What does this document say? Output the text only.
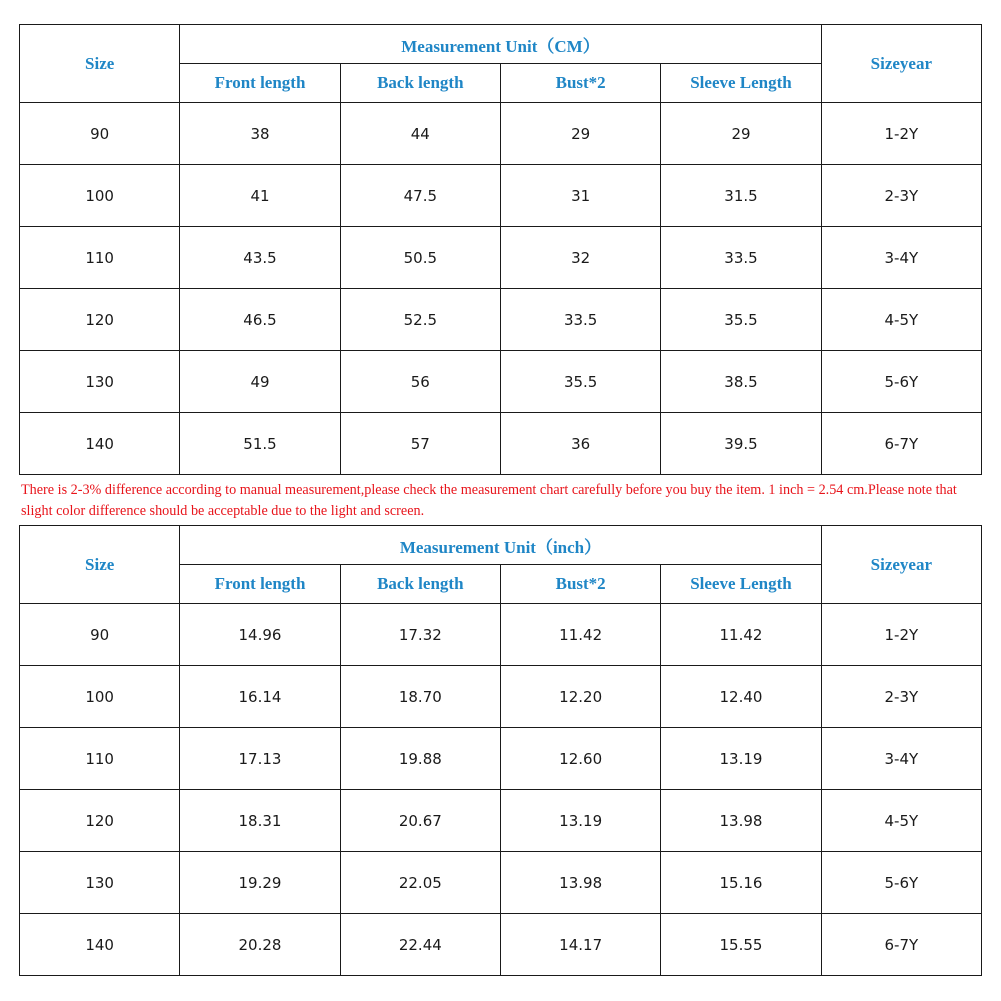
Size	Measurement Unit（CM）				Sizeyear
	Front length	Back length	Bust*2	Sleeve Length	
90	38	44	29	29	1-2Y
100	41	47.5	31	31.5	2-3Y
110	43.5	50.5	32	33.5	3-4Y
120	46.5	52.5	33.5	35.5	4-5Y
130	49	56	35.5	38.5	5-6Y
140	51.5	57	36	39.5	6-7Y

There is 2-3% difference according to manual measurement,please check the measurement chart carefully before you buy the item. 1 inch = 2.54 cm.Please note that slight color difference should be acceptable due to the light and screen.

Size	Measurement Unit（inch）				Sizeyear
	Front length	Back length	Bust*2	Sleeve Length	
90	14.96	17.32	11.42	11.42	1-2Y
100	16.14	18.70	12.20	12.40	2-3Y
110	17.13	19.88	12.60	13.19	3-4Y
120	18.31	20.67	13.19	13.98	4-5Y
130	19.29	22.05	13.98	15.16	5-6Y
140	20.28	22.44	14.17	15.55	6-7Y
